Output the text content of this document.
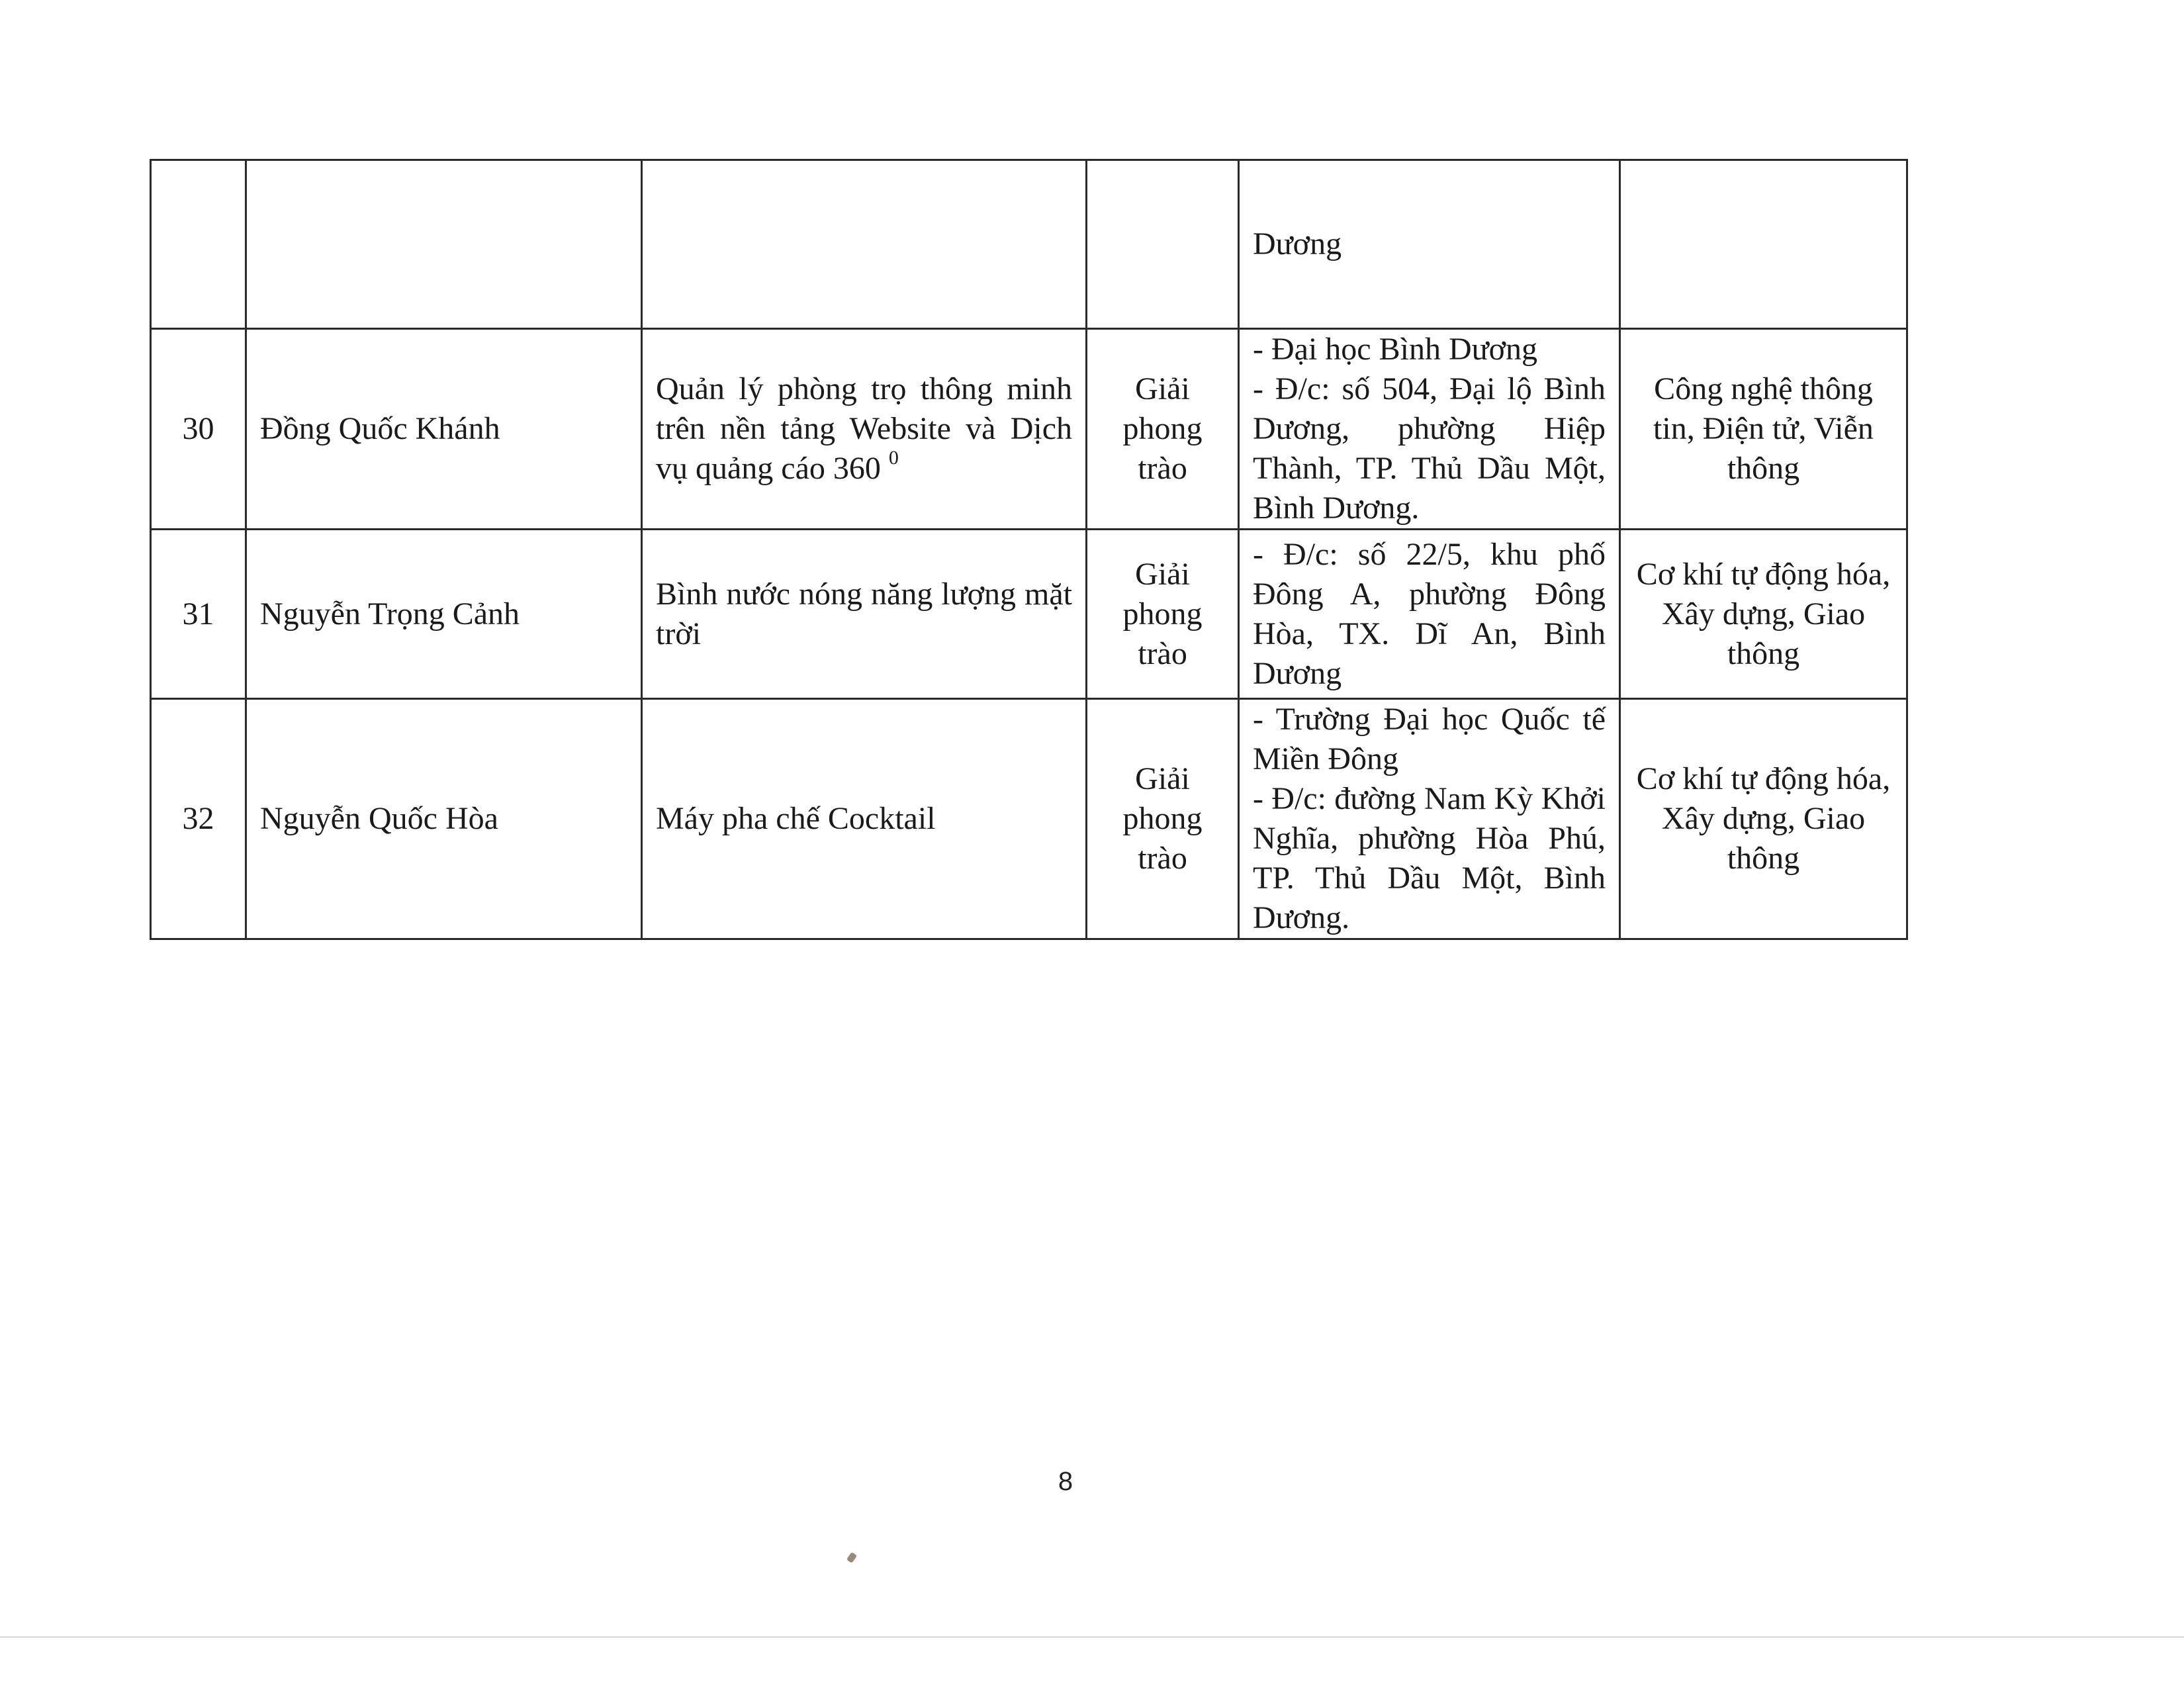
				Dương	

30	Đồng Quốc Khánh	Quản lý phòng trọ thông minh trên nền tảng Website và Dịch vụ quảng cáo 360 $^0$	Giải
phong
trào	- Đại học Bình Dương
- Đ/c: số 504, Đại lộ Bình Dương, phường Hiệp Thành, TP. Thủ Dầu Một, Bình Dương.	Công nghệ thông tin, Điện tử, Viễn thông
31	Nguyễn Trọng Cảnh	Bình nước nóng năng lượng mặt trời	Giải
phong
trào	- Đ/c: số 22/5, khu phố Đông A, phường Đông Hòa, TX. Dĩ An, Bình Dương	Cơ khí tự động hóa, Xây dựng, Giao thông
32	Nguyễn Quốc Hòa	Máy pha chế Cocktail	Giải
phong
trào	- Trường Đại học Quốc tế Miền Đông
- Đ/c: đường Nam Kỳ Khởi Nghĩa, phường Hòa Phú, TP. Thủ Dầu Một, Bình Dương.	Cơ khí tự động hóa, Xây dựng, Giao thông
8
